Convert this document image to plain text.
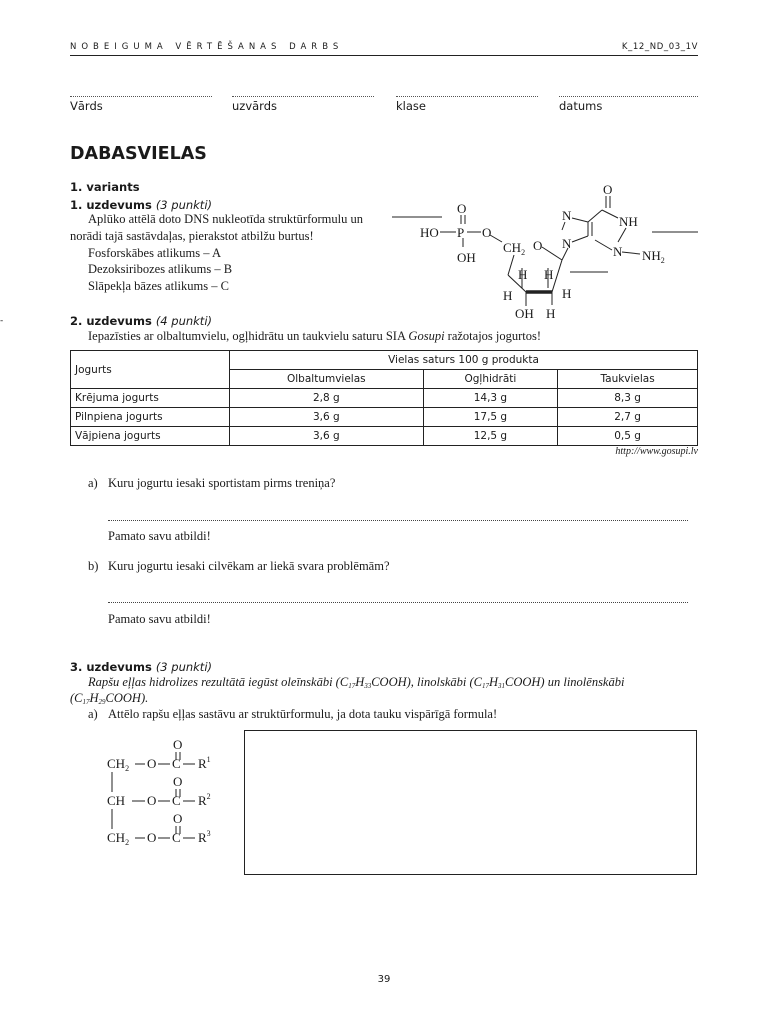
NOBEIGUMA VĒRTĒŠANAS DARBS	K_12_ND_03_1V
Vārds	uzvārds	klase	datums
DABASVIELAS
1. variants
1. uzdevums (3 punkti)
Aplūko attēlā doto DNS nukleotīda struktūrformulu un
norādi tajā sastāvdaļas, pierakstot atbilžu burtus!
Fosforskābes atlikums – A
Dezoksiribozes atlikums – B
Slāpekļa bāzes atlikums – C
HO P
O
OH
O
$CH_2$ O
H H
H	H
OH H
N
N
O
NH
N $NH_2$
-	2. uzdevums (4 punkti)
Iepazīsties ar olbaltumvielu, ogļhidrātu un taukvielu saturu SIA Gosupi ražotajos jogurtos!
Jogurts	Vielas saturs 100 g produkta		
	Olbaltumvielas	Ogļhidrāti	Taukvielas
Krējuma jogurts	2,8 g	14,3 g	8,3 g
Pilnpiena jogurts	3,6 g	17,5 g	2,7 g
Vājpiena jogurts	3,6 g	12,5 g	0,5 g
http://www.gosupi.lv
a) Kuru jogurtu iesaki sportistam pirms treniņa?
Pamato savu atbildi!
b) Kuru jogurtu iesaki cilvēkam ar liekā svara problēmām?
Pamato savu atbildi!
3. uzdevums (3 punkti)
Rapšu eļļas hidrolizes rezultātā iegūst oleīnskābi $(C_{17}H_{33}COOH)$, linolskābi $(C_{17}H_{31}COOH)$ un linolēnskābi
$(C_{17}H_{29}COOH)$.
a) Attēlo rapšu eļļas sastāvu ar struktūrformulu, ja dota tauku vispārīgā formula!
O
$CH_2$ O C $R^1$
O
CH O C $R^2$
O
$CH_2$ O C $R^3$
39
